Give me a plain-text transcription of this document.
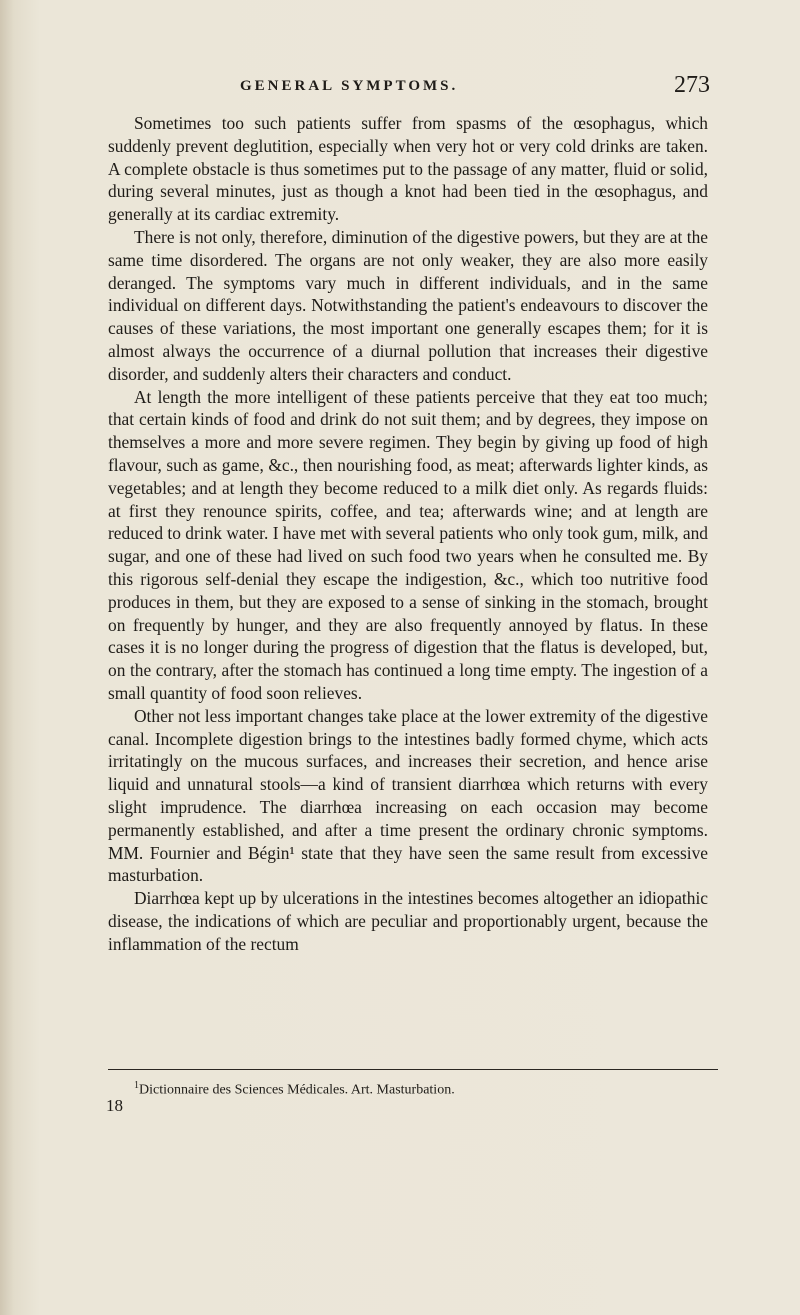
GENERAL SYMPTOMS.	273

Sometimes too such patients suffer from spasms of the œsophagus, which suddenly prevent deglutition, especially when very hot or very cold drinks are taken. A complete obstacle is thus sometimes put to the passage of any matter, fluid or solid, during several minutes, just as though a knot had been tied in the œsophagus, and generally at its cardiac extremity.

There is not only, therefore, diminution of the digestive powers, but they are at the same time disordered. The organs are not only weaker, they are also more easily deranged. The symptoms vary much in different individuals, and in the same individual on different days. Notwithstanding the patient's endeavours to discover the causes of these variations, the most important one generally escapes them; for it is almost always the occurrence of a diurnal pollution that increases their digestive disorder, and suddenly alters their characters and conduct.

At length the more intelligent of these patients perceive that they eat too much; that certain kinds of food and drink do not suit them; and by degrees, they impose on themselves a more and more severe regimen. They begin by giving up food of high flavour, such as game, &c., then nourishing food, as meat; afterwards lighter kinds, as vegetables; and at length they become reduced to a milk diet only. As regards fluids: at first they renounce spirits, coffee, and tea; afterwards wine; and at length are reduced to drink water. I have met with several patients who only took gum, milk, and sugar, and one of these had lived on such food two years when he consulted me. By this rigorous self-denial they escape the indigestion, &c., which too nutritive food produces in them, but they are exposed to a sense of sinking in the stomach, brought on frequently by hunger, and they are also frequently annoyed by flatus. In these cases it is no longer during the progress of digestion that the flatus is developed, but, on the contrary, after the stomach has continued a long time empty. The ingestion of a small quantity of food soon relieves.

Other not less important changes take place at the lower extremity of the digestive canal. Incomplete digestion brings to the intestines badly formed chyme, which acts irritatingly on the mucous surfaces, and increases their secretion, and hence arise liquid and unnatural stools—a kind of transient diarrhœa which returns with every slight imprudence. The diarrhœa increasing on each occasion may become permanently established, and after a time present the ordinary chronic symptoms. MM. Fournier and Bégin¹ state that they have seen the same result from excessive masturbation.

Diarrhœa kept up by ulcerations in the intestines becomes altogether an idiopathic disease, the indications of which are peculiar and proportionably urgent, because the inflammation of the rectum

$^1$Dictionnaire des Sciences Médicales. Art. Masturbation.
18
